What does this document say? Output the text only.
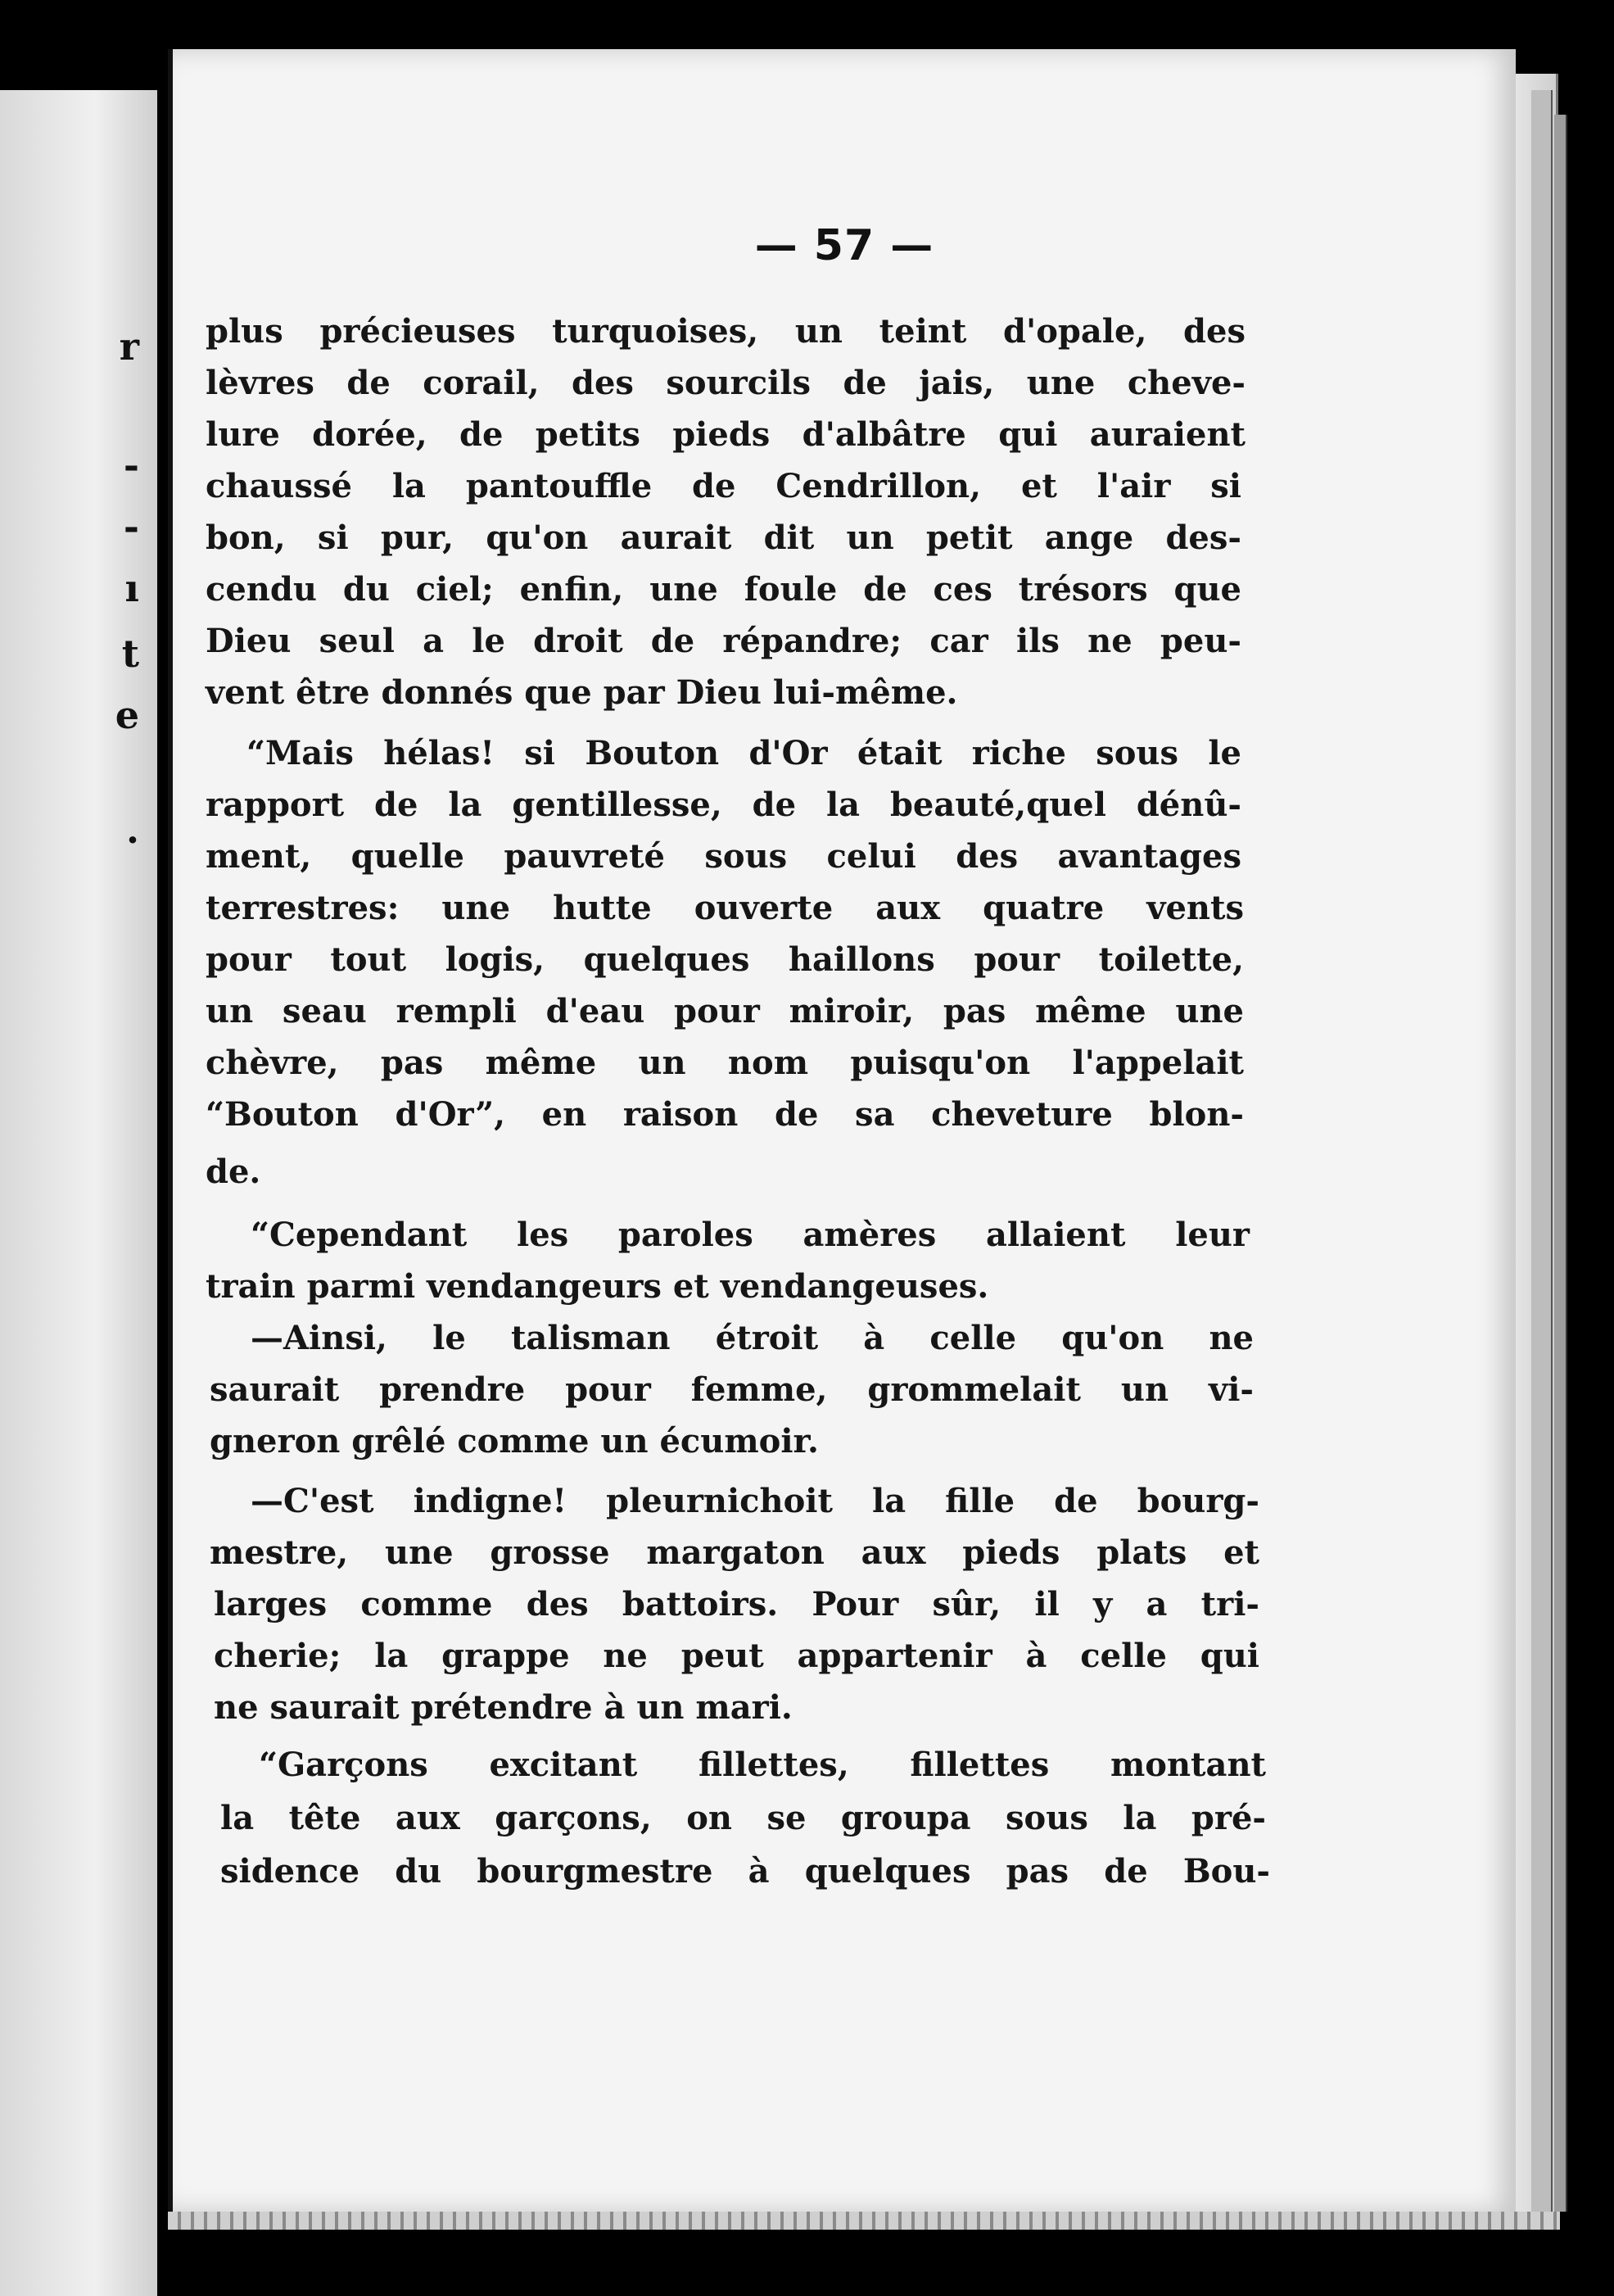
r
-
-
ı
t
e
.
— 57 —
plus précieuses turquoises, un teint d'opale, des
lèvres de corail, des sourcils de jais, une cheve-
lure dorée, de petits pieds d'albâtre qui auraient
chaussé la pantouffle de Cendrillon, et l'air si
bon, si pur, qu'on aurait dit un petit ange des-
cendu du ciel; enfin, une foule de ces trésors que
Dieu seul a le droit de répandre; car ils ne peu-
vent être donnés que par Dieu lui-même.
“Mais hélas! si Bouton d'Or était riche sous le
rapport de la gentillesse, de la beauté,quel dénû-
ment, quelle pauvreté sous celui des avantages
terrestres: une hutte ouverte aux quatre vents
pour tout logis, quelques haillons pour toilette,
un seau rempli d'eau pour miroir, pas même une
chèvre, pas même un nom puisqu'on l'appelait
“Bouton d'Or”, en raison de sa cheveture blon-
de.
“Cependant les paroles amères allaient leur
train parmi vendangeurs et vendangeuses.
—Ainsi, le talisman étroit à celle qu'on ne
saurait prendre pour femme, grommelait un vi-
gneron grêlé comme un écumoir.
—C'est indigne! pleurnichoit la fille de bourg-
mestre, une grosse margaton aux pieds plats et
larges comme des battoirs. Pour sûr, il y a tri-
cherie; la grappe ne peut appartenir à celle qui
ne saurait prétendre à un mari.
“Garçons excitant fillettes, fillettes montant
la tête aux garçons, on se groupa sous la pré-
sidence du bourgmestre à quelques pas de Bou-
